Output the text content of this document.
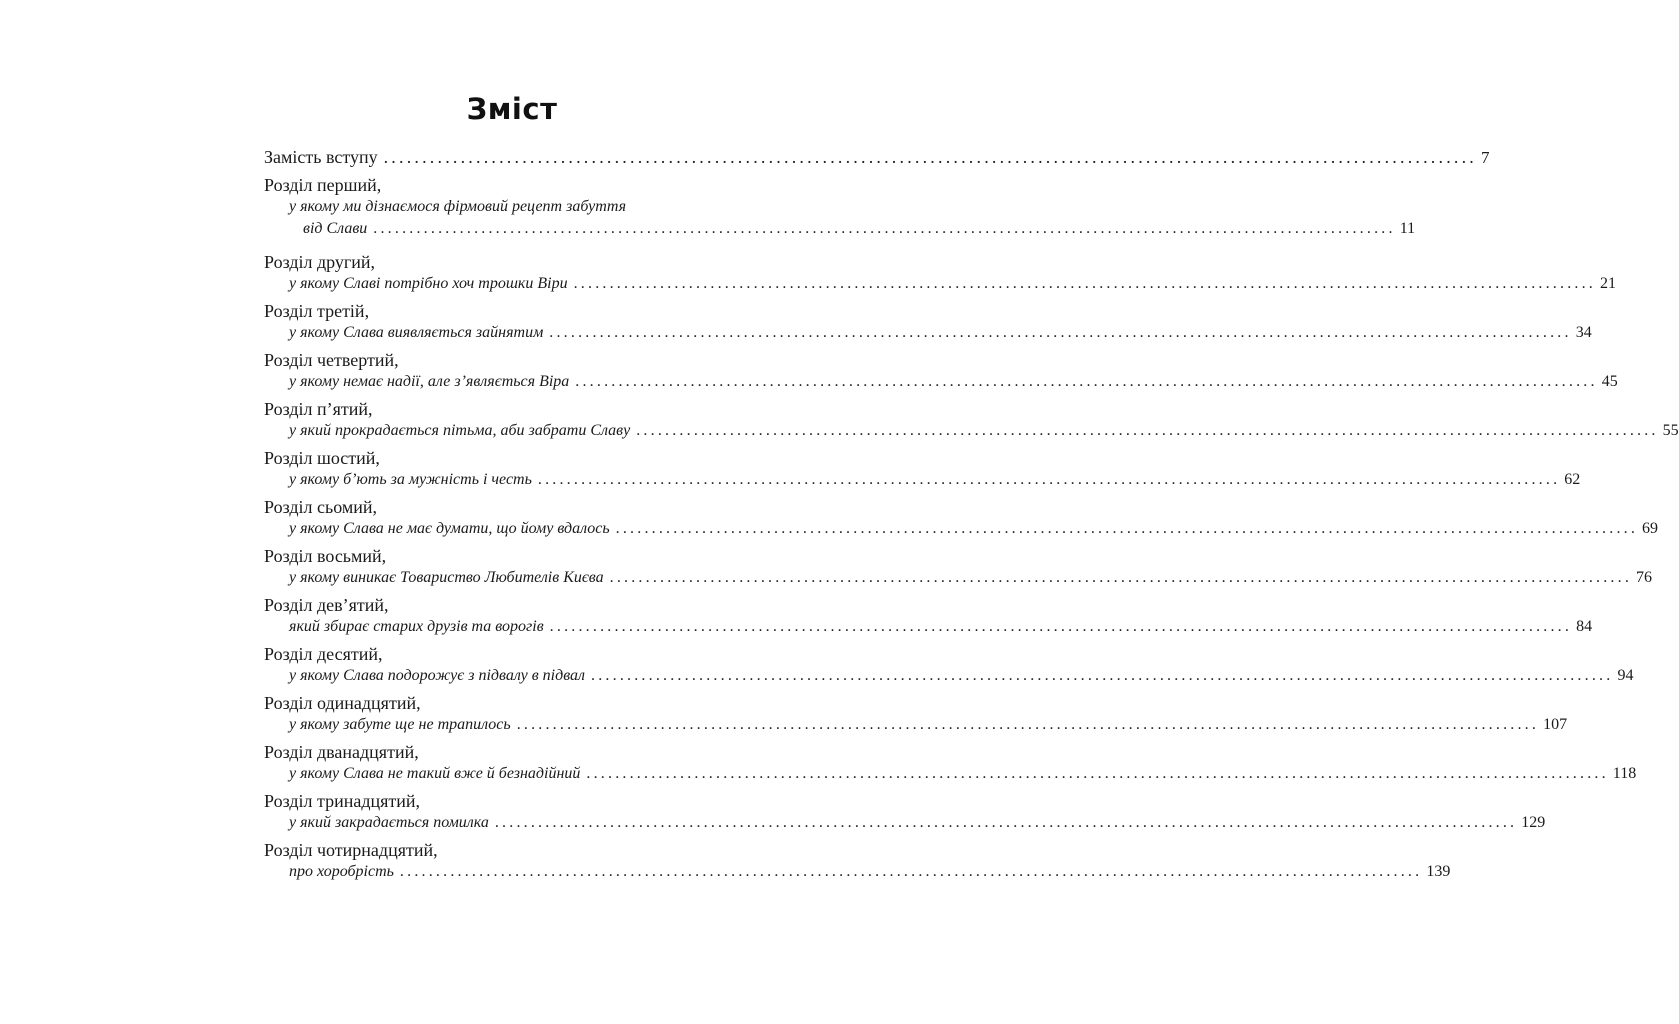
Зміст
Замість вступу .............................................................................................................................................. 7
Розділ перший,
у якому ми дізнаємося фірмовий рецепт забуття
від Слави .............................................................................................................................................. 11
Розділ другий,
у якому Славі потрібно хоч трошки Віри .............................................................................................................................................. 21
Розділ третій,
у якому Слава виявляється зайнятим .............................................................................................................................................. 34
Розділ четвертий,
у якому немає надії, але з’являється Віра .............................................................................................................................................. 45
Розділ п’ятий,
у який прокрадається пітьма, аби забрати Славу .............................................................................................................................................. 55
Розділ шостий,
у якому б’ють за мужність і честь .............................................................................................................................................. 62
Розділ сьомий,
у якому Слава не має думати, що йому вдалось .............................................................................................................................................. 69
Розділ восьмий,
у якому виникає Товариство Любителів Києва .............................................................................................................................................. 76
Розділ дев’ятий,
який збирає старих друзів та ворогів .............................................................................................................................................. 84
Розділ десятий,
у якому Слава подорожує з підвалу в підвал .............................................................................................................................................. 94
Розділ одинадцятий,
у якому забуте ще не трапилось .............................................................................................................................................. 107
Розділ дванадцятий,
у якому Слава не такий вже й безнадійний .............................................................................................................................................. 118
Розділ тринадцятий,
у який закрадається помилка .............................................................................................................................................. 129
Розділ чотирнадцятий,
про хоробрість .............................................................................................................................................. 139
